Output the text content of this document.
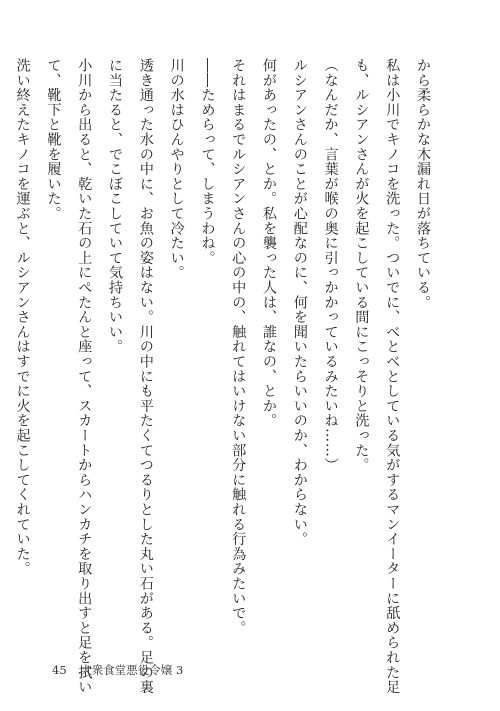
から柔らかな木漏れ日が落ちている。

私は小川でキノコを洗った。ついでに、べとべとしている気がするマンイーターに舐められた足

も、ルシアンさんが火を起こしている間にこっそりと洗った。

（なんだか、言葉が喉の奥に引っかかっているみたいね……）

ルシアンさんのことが心配なのに、何を聞いたらいいのか、わからない。

何があったの、とか。私を襲った人は、誰なの、とか。

それはまるでルシアンさんの心の中の、触れてはいけない部分に触れる行為みたいで。

――ためらって、しまうわね。

川の水はひんやりとして冷たい。

透き通った水の中に、お魚の姿はない。川の中にも平たくてつるりとした丸い石がある。足の裏

に当たると、でこぼこしていて気持ちいい。

小川から出ると、乾いた石の上にぺたんと座って、スカートからハンカチを取り出すと足を拭い

て、靴下と靴を履いた。

洗い終えたキノコを運ぶと、ルシアンさんはすでに火を起こしてくれていた。

45 大衆食堂悪役令嬢 3
